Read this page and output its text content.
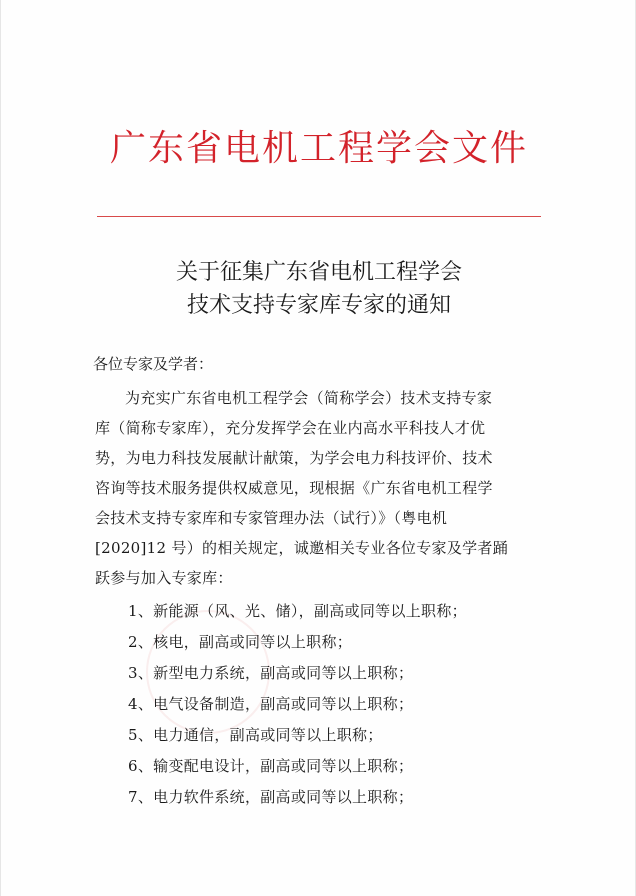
广东省电机工程学会文件
关于征集广东省电机工程学会
技术支持专家库专家的通知
各位专家及学者：
为充实广东省电机工程学会（简称学会）技术支持专家
库（简称专家库），充分发挥学会在业内高水平科技人才优
势，为电力科技发展献计献策，为学会电力科技评价、技术
咨询等技术服务提供权威意见，现根据《广东省电机工程学
会技术支持专家库和专家管理办法（试行）》（粤电机
[2020]12 号）的相关规定，诚邀相关专业各位专家及学者踊
跃参与加入专家库：
1、新能源（风、光、储），副高或同等以上职称；
2、核电，副高或同等以上职称；
3、新型电力系统，副高或同等以上职称；
4、电气设备制造，副高或同等以上职称；
5、电力通信，副高或同等以上职称；
6、输变配电设计，副高或同等以上职称；
7、电力软件系统，副高或同等以上职称；
